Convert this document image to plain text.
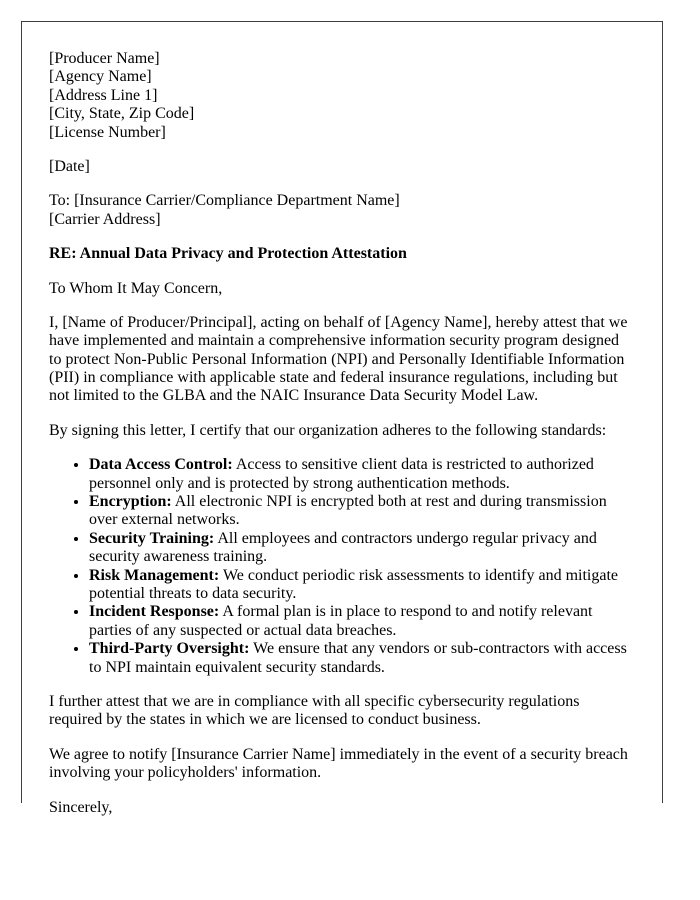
[Producer Name]
[Agency Name]
[Address Line 1]
[City, State, Zip Code]
[License Number]

[Date]

To: [Insurance Carrier/Compliance Department Name]
[Carrier Address]

RE: Annual Data Privacy and Protection Attestation

To Whom It May Concern,

I, [Name of Producer/Principal], acting on behalf of [Agency Name], hereby attest that we have implemented and maintain a comprehensive information security program designed to protect Non-Public Personal Information (NPI) and Personally Identifiable Information (PII) in compliance with applicable state and federal insurance regulations, including but not limited to the GLBA and the NAIC Insurance Data Security Model Law.

By signing this letter, I certify that our organization adheres to the following standards:

• Data Access Control: Access to sensitive client data is restricted to authorized personnel only and is protected by strong authentication methods.
• Encryption: All electronic NPI is encrypted both at rest and during transmission over external networks.
• Security Training: All employees and contractors undergo regular privacy and security awareness training.
• Risk Management: We conduct periodic risk assessments to identify and mitigate potential threats to data security.
• Incident Response: A formal plan is in place to respond to and notify relevant parties of any suspected or actual data breaches.
• Third-Party Oversight: We ensure that any vendors or sub-contractors with access to NPI maintain equivalent security standards.

I further attest that we are in compliance with all specific cybersecurity regulations required by the states in which we are licensed to conduct business.

We agree to notify [Insurance Carrier Name] immediately in the event of a security breach involving your policyholders' information.

Sincerely,
